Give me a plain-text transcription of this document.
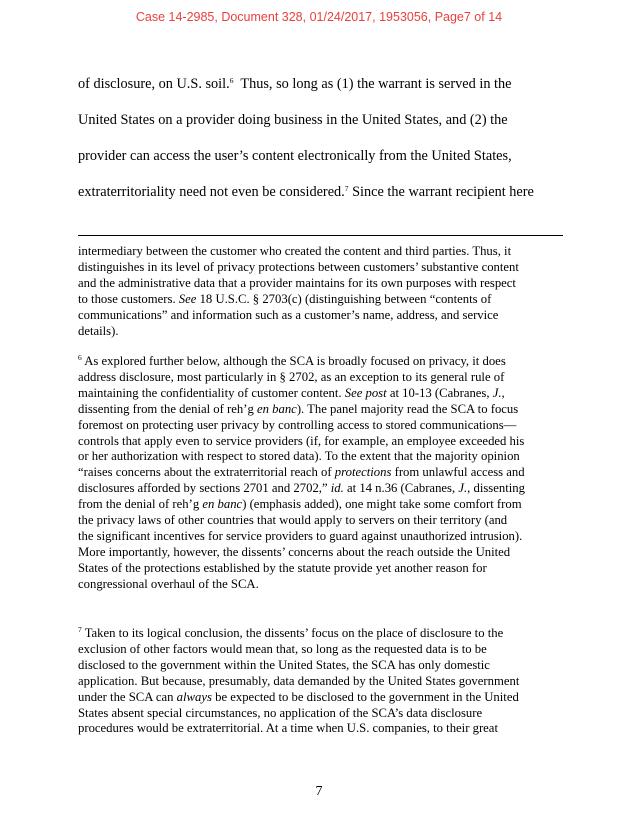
Case 14-2985, Document 328, 01/24/2017, 1953056, Page7 of 14
of disclosure, on U.S. soil.$^6$  Thus, so long as (1) the warrant is served in the
United States on a provider doing business in the United States, and (2) the
provider can access the user’s content electronically from the United States,
extraterritoriality need not even be considered.$^7$ Since the warrant recipient here
intermediary between the customer who created the content and third parties. Thus, it
distinguishes in its level of privacy protections between customers’ substantive content
and the administrative data that a provider maintains for its own purposes with respect
to those customers. See 18 U.S.C. § 2703(c) (distinguishing between “contents of
communications” and information such as a customer’s name, address, and service
details).
$^6$ As explored further below, although the SCA is broadly focused on privacy, it does
address disclosure, most particularly in § 2702, as an exception to its general rule of
maintaining the confidentiality of customer content. See post at 10-13 (Cabranes, J.,
dissenting from the denial of reh’g en banc). The panel majority read the SCA to focus
foremost on protecting user privacy by controlling access to stored communications—
controls that apply even to service providers (if, for example, an employee exceeded his
or her authorization with respect to stored data). To the extent that the majority opinion
“raises concerns about the extraterritorial reach of protections from unlawful access and
disclosures afforded by sections 2701 and 2702,” id. at 14 n.36 (Cabranes, J., dissenting
from the denial of reh’g en banc) (emphasis added), one might take some comfort from
the privacy laws of other countries that would apply to servers on their territory (and
the significant incentives for service providers to guard against unauthorized intrusion).
More importantly, however, the dissents’ concerns about the reach outside the United
States of the protections established by the statute provide yet another reason for
congressional overhaul of the SCA.
$^7$ Taken to its logical conclusion, the dissents’ focus on the place of disclosure to the
exclusion of other factors would mean that, so long as the requested data is to be
disclosed to the government within the United States, the SCA has only domestic
application. But because, presumably, data demanded by the United States government
under the SCA can always be expected to be disclosed to the government in the United
States absent special circumstances, no application of the SCA’s data disclosure
procedures would be extraterritorial. At a time when U.S. companies, to their great
7
